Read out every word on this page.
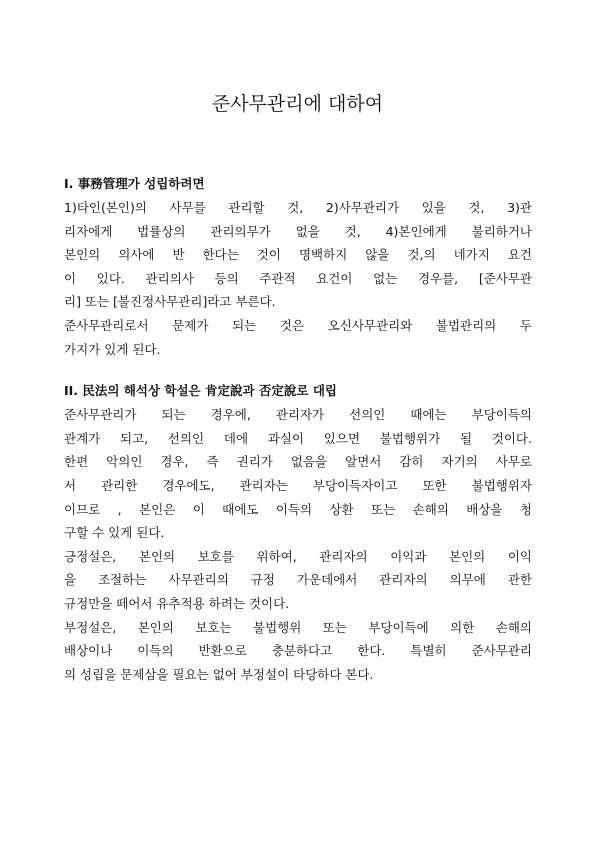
준사무관리에 대하여

I. 事務管理가 성립하려면

1)타인(본인)의 사무를 관리할 것, 2)사무관리가 있을 것, 3)관
리자에게 법률상의 관리의무가 없을 것, 4)본인에게 불리하거나
본인의 의사에 반 한다는 것이 명백하지 않을 것,의 네가지 요건
이 있다. 관리의사 등의 주관적 요건이 없는 경우를, [준사무관
리] 또는 [불진정사무관리]라고 부른다.

준사무관리로서 문제가 되는 것은 오신사무관리와 불법관리의 두
가지가 있게 된다.

II. 民法의 해석상 학설은 肯定說과 否定說로 대립

준사무관리가 되는 경우에, 관리자가 선의인 때에는 부당이득의
관계가 되고, 선의인 데에 과실이 있으면 불법행위가 될 것이다.
한편 악의인 경우, 즉 권리가 없음을 알면서 감히 자기의 사무로
서 관리한 경우에도, 관리자는 부당이득자이고 또한 불법행위자
이므로 , 본인은 이 때에도 이득의 상환 또는 손해의 배상을 청
구할 수 있게 된다.

긍정설은, 본인의 보호를 위하여, 관리자의 이익과 본인의 이익
을 조절하는 사무관리의 규정 가운데에서 관리자의 의무에 관한
규정만을 떼어서 유추적용 하려는 것이다.

부정설은, 본인의 보호는 불법행위 또는 부당이득에 의한 손해의
배상이나 이득의 반환으로 충분하다고 한다. 특별히 준사무관리
의 성립을 문제삼을 필요는 없어 부정설이 타당하다 본다.
